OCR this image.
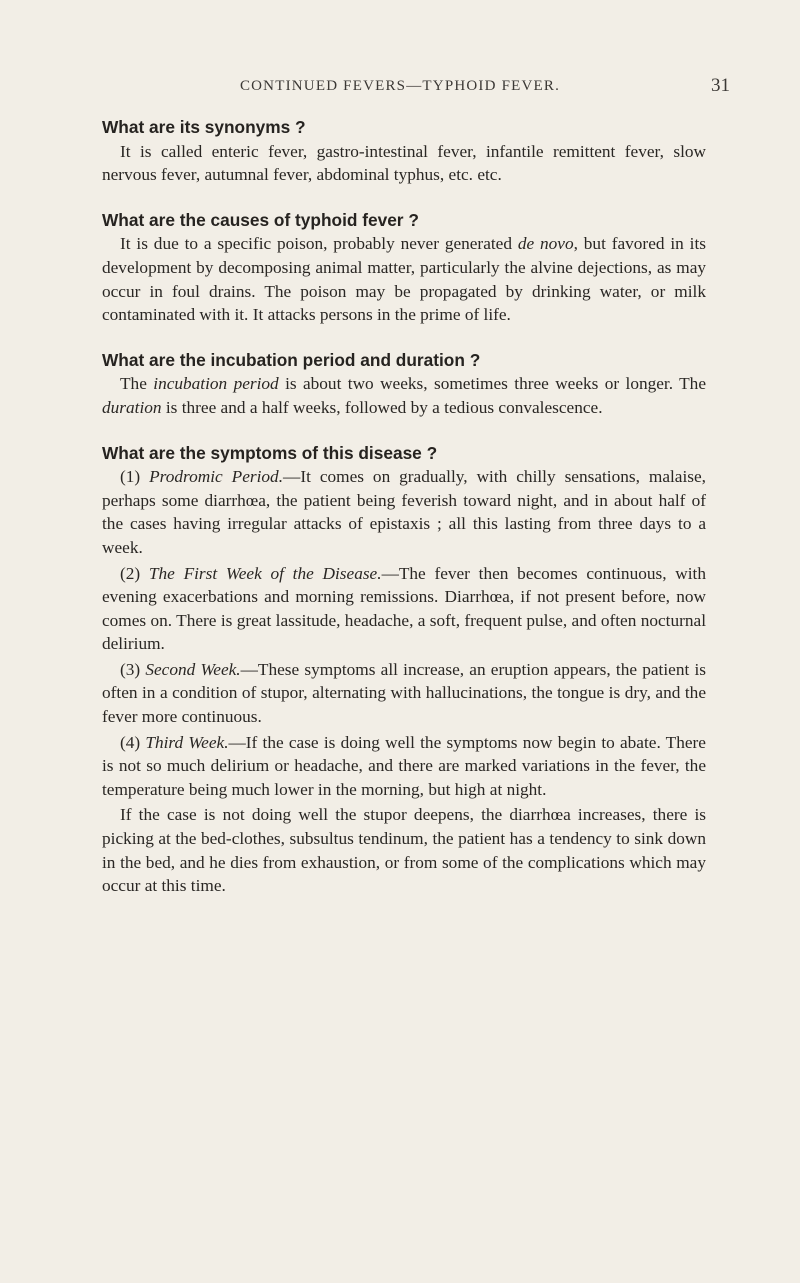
CONTINUED FEVERS—TYPHOID FEVER.	31
What are its synonyms ?

It is called enteric fever, gastro-intestinal fever, infantile remittent fever, slow nervous fever, autumnal fever, abdominal typhus, etc. etc.

What are the causes of typhoid fever ?

It is due to a specific poison, probably never generated de novo, but favored in its development by decomposing animal matter, particularly the alvine dejections, as may occur in foul drains. The poison may be propagated by drinking water, or milk contaminated with it. It attacks persons in the prime of life.

What are the incubation period and duration ?

The incubation period is about two weeks, sometimes three weeks or longer. The duration is three and a half weeks, followed by a tedious convalescence.

What are the symptoms of this disease ?

(1) Prodromic Period.—It comes on gradually, with chilly sensations, malaise, perhaps some diarrhœa, the patient being feverish toward night, and in about half of the cases having irregular attacks of epistaxis ; all this lasting from three days to a week.

(2) The First Week of the Disease.—The fever then becomes continuous, with evening exacerbations and morning remissions. Diarrhœa, if not present before, now comes on. There is great lassitude, headache, a soft, frequent pulse, and often nocturnal delirium.

(3) Second Week.—These symptoms all increase, an eruption appears, the patient is often in a condition of stupor, alternating with hallucinations, the tongue is dry, and the fever more continuous.

(4) Third Week.—If the case is doing well the symptoms now begin to abate. There is not so much delirium or headache, and there are marked variations in the fever, the temperature being much lower in the morning, but high at night.

If the case is not doing well the stupor deepens, the diarrhœa increases, there is picking at the bed-clothes, subsultus tendinum, the patient has a tendency to sink down in the bed, and he dies from exhaustion, or from some of the complications which may occur at this time.
